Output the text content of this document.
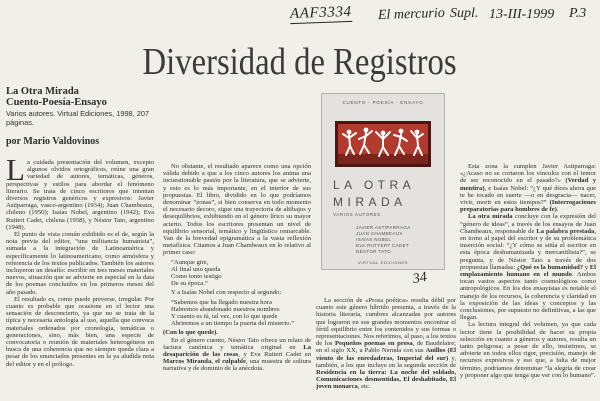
AAF3334 El mercurio Supl. 13-III-1999 P.3
34
Diversidad de Registros
La Otra Mirada
Cuento-Poesía-Ensayo
Varios autores. Virtual Ediciones, 1998, 207 páginas.
por Mario Valdovinos
L a cuidada presentación del volumen, excepto algunos olvidos ortográficos, reúne una gran variedad de autores, temáticas, géneros, perspectivas y estilos para abordar el fenómeno literario. Se trata de cinco escritores que intentan diversos registros genéricos y expresivos: Javier Astiparraga, vasco-argentino (1934); Juan Chambeaux, chileno (1950); Isaías Nobel, argentino (1942); Eva Ruttert Cadet, chilena (1958), y Néstor Tato, argentino (1948).

El punto de vista común exhibido es el de, según la nota previa del editor, “una militancia humanista”, sumada a la integración de Latinoamérica y específicamente lo latinoamericano, como atmósfera y referencia de los textos publicados. También los autores incluyeron un desafío: escribir en tres meses materiales nuevos, situación que se advierte en especial en la data de los poemas concluidos en los primeros meses del año pasado.

El resultado es, como puede preverse, irregular. Por cuanto es probable que ocasione en el lector una sensación de desconcierto, ya que no se trata de la típica y necesaria antología al uso, aquella que convoca materiales ordenados por cronología, temáticas o generaciones, sino, más bien, una especie de convocatoria o reunión de materiales heterogéneos en busca de una coherencia que no siempre queda clara a pesar de los enunciados presentes en la ya aludida nota del editor y en el prólogo.

No obstante, el resultado aparece como una opción válida debido a que a los cinco autores los anima una incuestionable pasión por la literatura, que se advierte, y esto es lo más importante, en el interior de sus propuestas. El libro, dividido en lo que podríamos denominar “zonas”, si bien conserva en todo momento el necesario decoro, sigue una trayectoria de altibajos y desequilibrios, exhibiendo en el género lírico su mayor acierto. Todos los escritores presentan un nivel de equilibrio sensorial, temático y lingüístico remarcable. Van de la brevedad epigramática a la vasta reflexión metafísica. Citamos a Juan Chambeaux en lo relativo al primer caso:

“Aunque gire,

Al final uno queda

Como tonto testigo

De su época.”

Y a Isaías Nobel con respecto al segundo:

“Sabemos que ha llegado nuestra hora

Habremos abandonado nuestros nombres

Y cuanto es tú, tal vez, con lo que quede

Abriremos a un tiempo la puerta del misterio.”

(Con lo que quede).

En el género cuento, Néstor Tato ofrece un relato de factura canónica y temática original en La desaparición de las cosas, y Eva Ruttert Cadet en Marcos Miranda, el culpable, una muestra de soltura narrativa y de dominio de la anécdota.

La sección de «Prosa poética» resulta débil por cuanto este género híbrido presenta, a través de la historia literaria, cumbres alcanzadas por autores que lograron en sus grandes momentos encontrar el fértil equilibrio entre los contenidos y sus formas o representaciones. Nos referimos, al paso, a los textos de los Pequeños poemas en prosa, de Baudelaire; en el siglo XX, a Pablo Neruda con sus Anillos (El viento de las enredaderas, Imperial del sur) y, también, a los que incluye en la segunda sección de Residencia en la tierra: La noche del soldado, Comunicaciones desmentidas, El deshabitado, El joven monarca, etc.

Esta zona la cumplen Javier Astiparraga: «¿Acaso no se cortaron los vínculos con el temor de ser reconocido en el pasado?» (Verdad y mentira), e Isaías Nobel: “¿Y qué dices ahora que te he tocado en suerte —o en desgracia— nacer, vivir, morir en estos tiempos?” (Interrogaciones preparatorias para hombres de fe).

La otra mirada concluye con la expresión del “género de ideas”, a través de los ensayos de Juan Chambeaux, responsable de La palabra prestada, en torno al papel del escritor y de su problemática inserción social: “¿Y cómo se sitúa el escritor en esta época deshumanizada y mercantilista?”, se pregunta, y de Néstor Tato a través de dos propuestas llamadas: ¿Qué es la humanidad? y El emplazamiento humano en el mundo. Ambos tocan vastos aspectos tanto cosmológicos como antropológicos. En los dos ensayistas es notable el manejo de los recursos, la coherencia y claridad en la exposición de las ideas y conceptos y las conclusiones, por supuesto no definitivas, a las que llegan.

La lectura integral del volumen, ya que cada lector tiene la posibilidad de hacer su propia selección en cuanto a géneros y autores, resulta un tanto peligrosa; a pesar de ello, insistimos, se advierte en todos ellos rigor, precisión, manejo de recursos expresivos y eso que, a falta de mejor término, podríamos denominar “la alegría de crear y proponer algo que tenga que ver con lo humano”.

CUENTO - POESÍA - ENSAYO
LA OTRA
MIRADA
VARIOS AUTORES
JAVIER ASTIPARRAGA
JUAN CHAMBEAUX
ISAÍAS NOBEL
EVA RUTTERT CADET
NÉSTOR TATO
VIRTUAL EDICIONES
